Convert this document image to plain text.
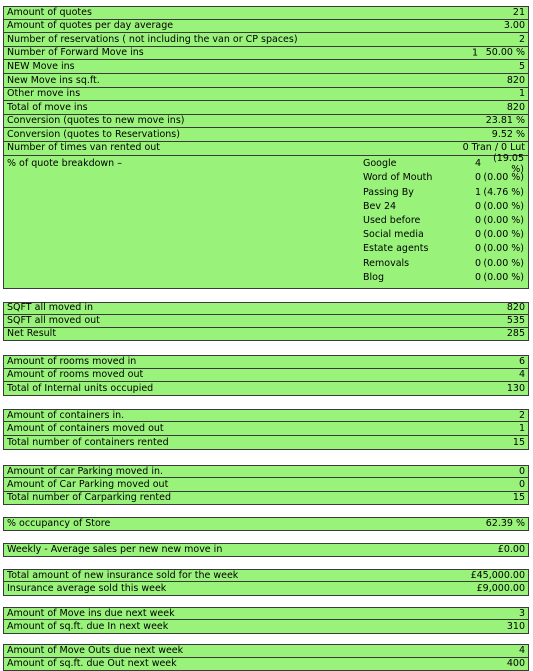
Amount of quotes	21
Amount of quotes per day average	3.00
Number of reservations ( not including the van or CP spaces)	2
Number of Forward Move ins	1 50.00 %
NEW Move ins	5
New Move ins sq.ft.	820
Other move ins	1
Total of move ins	820
Conversion (quotes to new move ins)	23.81 %
Conversion (quotes to Reservations)	9.52 %
Number of times van rented out	0 Tran / 0 Lut
% of quote breakdown –	Google	4	(19.05 %)
Word of Mouth	0 (0.00 %)
Passing By	1 (4.76 %)
Bev 24	0 (0.00 %)
Used before	0 (0.00 %)
Social media	0 (0.00 %)
Estate agents	0 (0.00 %)
Removals	0 (0.00 %)
Blog	0 (0.00 %)
SQFT all moved in	820
SQFT all moved out	535
Net Result	285
Amount of rooms moved in	6
Amount of rooms moved out	4
Total of Internal units occupied	130
Amount of containers in.	2
Amount of containers moved out	1
Total number of containers rented	15
Amount of car Parking moved in.	0
Amount of Car Parking moved out	0
Total number of Carparking rented	15
% occupancy of Store	62.39 %
Weekly - Average sales per new new move in	£0.00
Total amount of new insurance sold for the week	£45,000.00
Insurance average sold this week	£9,000.00
Amount of Move ins due next week	3
Amount of sq.ft. due In next week	310
Amount of Move Outs due next week	4
Amount of sq.ft. due Out next week	400
